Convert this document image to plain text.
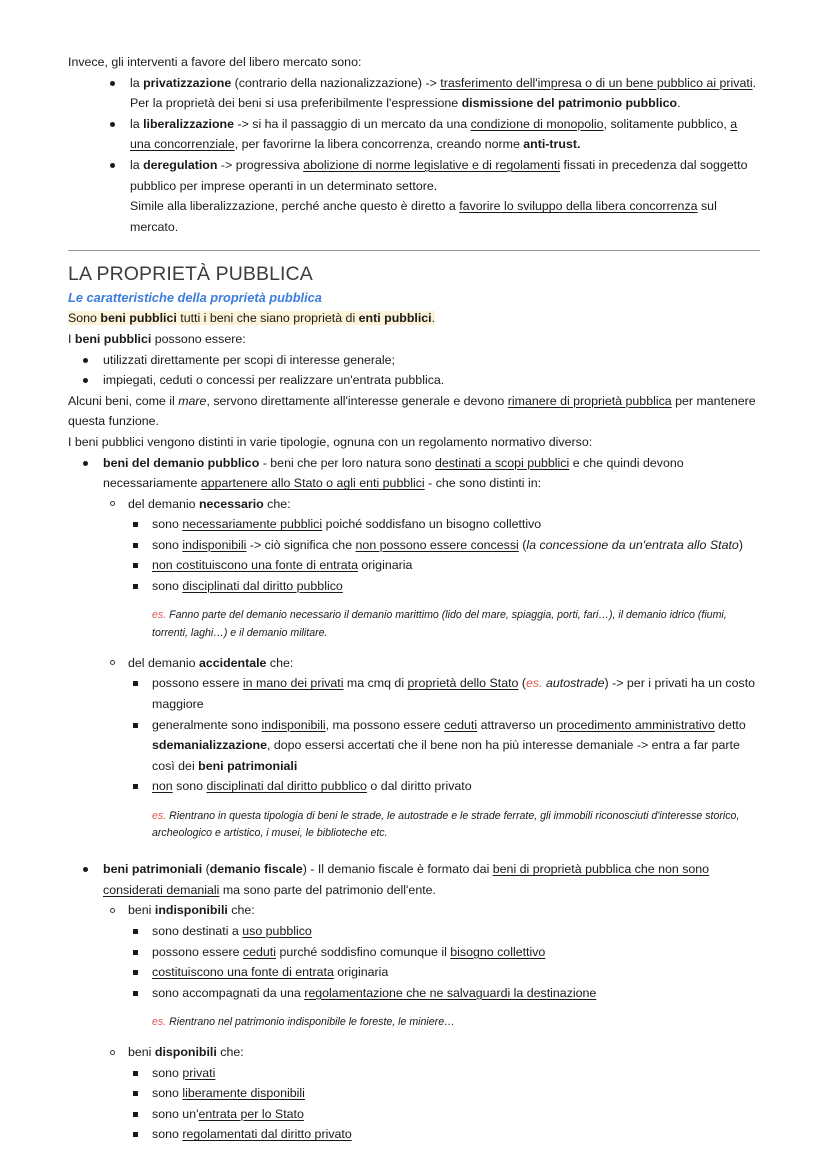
Invece, gli interventi a favore del libero mercato sono:

la privatizzazione (contrario della nazionalizzazione) -> trasferimento dell'impresa o di un bene pubblico ai privati. Per la proprietà dei beni si usa preferibilmente l'espressione dismissione del patrimonio pubblico.
la liberalizzazione -> si ha il passaggio di un mercato da una condizione di monopolio, solitamente pubblico, a una concorrenziale, per favorirne la libera concorrenza, creando norme anti-trust.
la deregulation -> progressiva abolizione di norme legislative e di regolamenti fissati in precedenza dal soggetto pubblico per imprese operanti in un determinato settore.
Simile alla liberalizzazione, perché anche questo è diretto a favorire lo sviluppo della libera concorrenza sul mercato.
LA PROPRIETÀ PUBBLICA
Le caratteristiche della proprietà pubblica

Sono beni pubblici tutti i beni che siano proprietà di enti pubblici.

I beni pubblici possono essere:

utilizzati direttamente per scopi di interesse generale;
impiegati, ceduti o concessi per realizzare un'entrata pubblica.

Alcuni beni, come il mare, servono direttamente all'interesse generale e devono rimanere di proprietà pubblica per mantenere questa funzione.

I beni pubblici vengono distinti in varie tipologie, ognuna con un regolamento normativo diverso:

beni del demanio pubblico - beni che per loro natura sono destinati a scopi pubblici e che quindi devono necessariamente appartenere allo Stato o agli enti pubblici - che sono distinti in:
del demanio necessario che:
sono necessariamente pubblici poiché soddisfano un bisogno collettivo
sono indisponibili -> ciò significa che non possono essere concessi (la concessione da un'entrata allo Stato)
non costituiscono una fonte di entrata originaria
sono disciplinati dal diritto pubblico

es. Fanno parte del demanio necessario il demanio marittimo (lido del mare, spiaggia, porti, fari…), il demanio idrico (fiumi, torrenti, laghi…) e il demanio militare.

del demanio accidentale che:
possono essere in mano dei privati ma cmq di proprietà dello Stato (es. autostrade) -> per i privati ha un costo maggiore
generalmente sono indisponibili, ma possono essere ceduti attraverso un procedimento amministrativo detto sdemanializzazione, dopo essersi accertati che il bene non ha più interesse demaniale -> entra a far parte così dei beni patrimoniali
non sono disciplinati dal diritto pubblico o dal diritto privato

es. Rientrano in questa tipologia di beni le strade, le autostrade e le strade ferrate, gli immobili riconosciuti d'interesse storico, archeologico e artistico, i musei, le biblioteche etc.

beni patrimoniali (demanio fiscale) - Il demanio fiscale è formato dai beni di proprietà pubblica che non sono considerati demaniali ma sono parte del patrimonio dell'ente.
beni indisponibili che:
sono destinati a uso pubblico
possono essere ceduti purché soddisfino comunque il bisogno collettivo
costituiscono una fonte di entrata originaria
sono accompagnati da una regolamentazione che ne salvaguardi la destinazione

es. Rientrano nel patrimonio indisponibile le foreste, le miniere…

beni disponibili che:
sono privati
sono liberamente disponibili
sono un'entrata per lo Stato
sono regolamentati dal diritto privato
